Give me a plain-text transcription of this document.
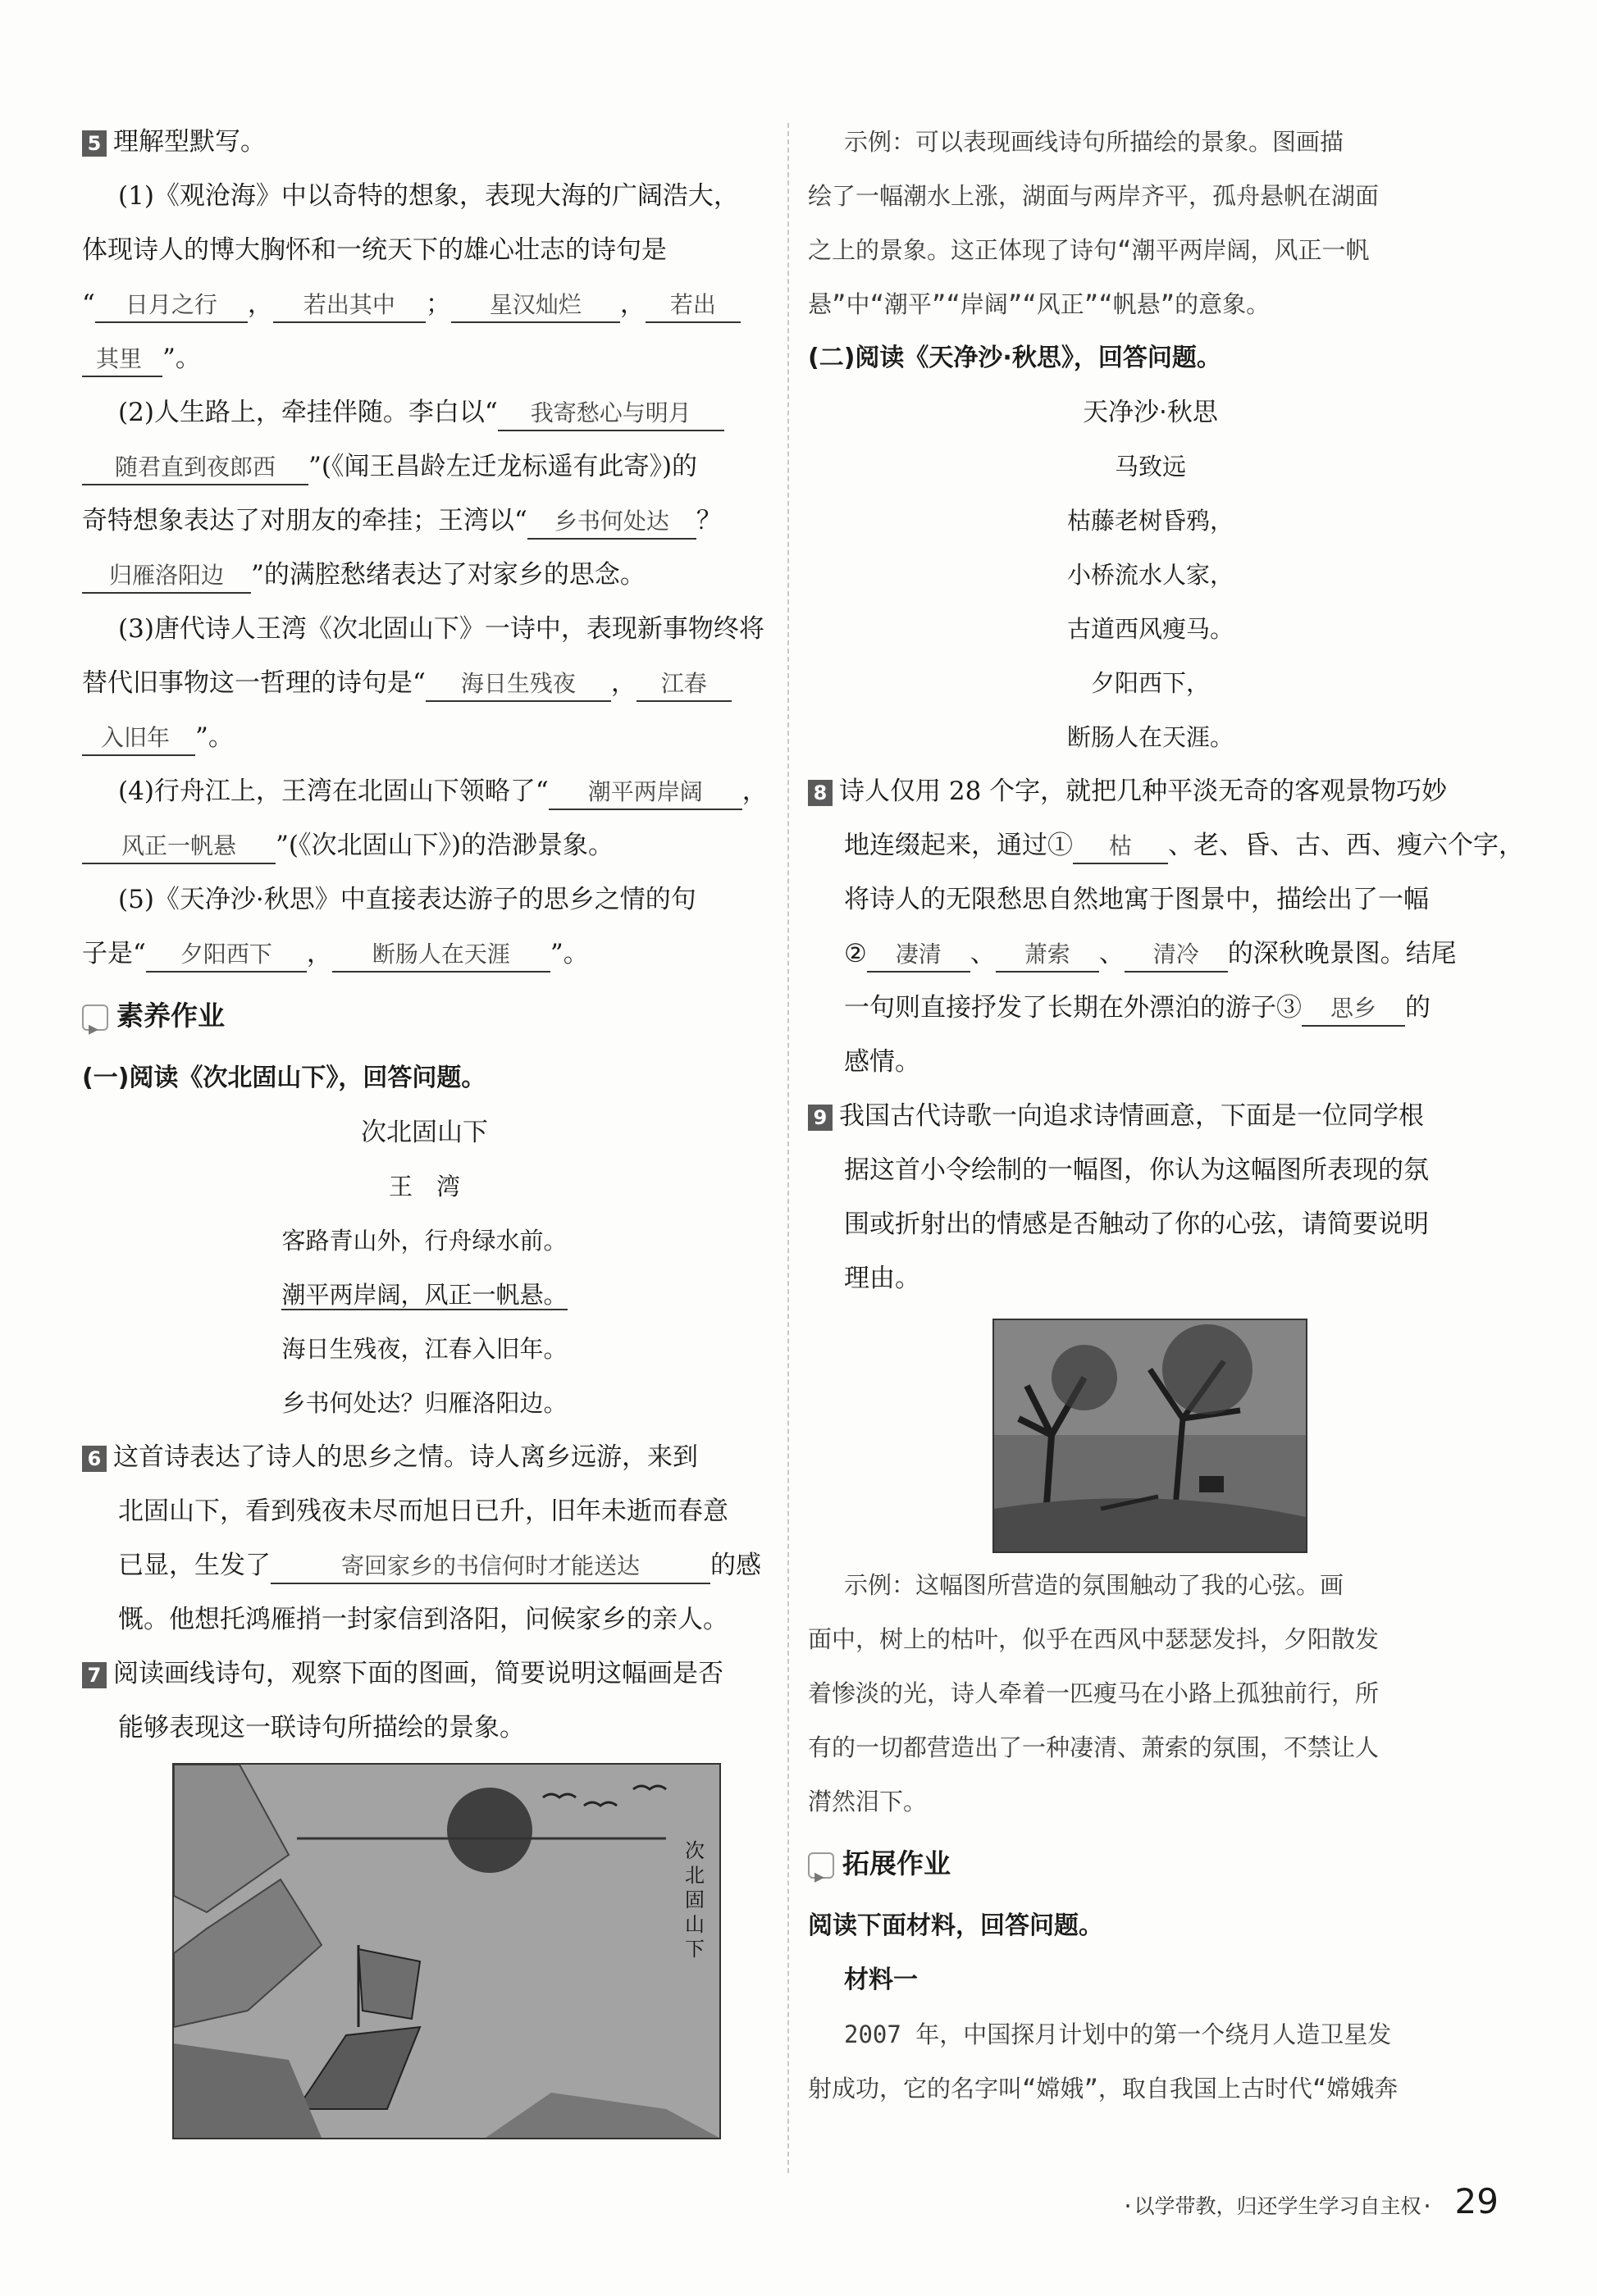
5 理解型默写。

(1)《观沧海》中以奇特的想象，表现大海的广阔浩大，

体现诗人的博大胸怀和一统天下的雄心壮志的诗句是

“ 日月之行 ， 若出其中 ； 星汉灿烂 ， 若出

其里 ”。

(2)人生路上，牵挂伴随。李白以“ 我寄愁心与明月

随君直到夜郎西 ”(《闻王昌龄左迁龙标遥有此寄》)的

奇特想象表达了对朋友的牵挂；王湾以“ 乡书何处达 ？

归雁洛阳边 ”的满腔愁绪表达了对家乡的思念。

(3)唐代诗人王湾《次北固山下》一诗中，表现新事物终将

替代旧事物这一哲理的诗句是“ 海日生残夜 ， 江春

入旧年 ”。

(4)行舟江上，王湾在北固山下领略了“ 潮平两岸阔 ，

风正一帆悬 ”(《次北固山下》)的浩渺景象。

(5)《天净沙·秋思》中直接表达游子的思乡之情的句

子是“ 夕阳西下 ， 断肠人在天涯 ”。

▸素养作业

(一)阅读《次北固山下》，回答问题。

次北固山下

王　湾

客路青山外，行舟绿水前。

潮平两岸阔，风正一帆悬。

海日生残夜，江春入旧年。

乡书何处达？归雁洛阳边。

6 这首诗表达了诗人的思乡之情。诗人离乡远游，来到

北固山下，看到残夜未尽而旭日已升，旧年未逝而春意

已显，生发了	寄回家乡的书信何时才能送达	的感

慨。他想托鸿雁捎一封家信到洛阳，问候家乡的亲人。

7 阅读画线诗句，观察下面的图画，简要说明这幅画是否

能够表现这一联诗句所描绘的景象。

次北固山下

示例：可以表现画线诗句所描绘的景象。图画描

绘了一幅潮水上涨，湖面与两岸齐平，孤舟悬帆在湖面

之上的景象。这正体现了诗句“潮平两岸阔，风正一帆

悬”中“潮平”“岸阔”“风正”“帆悬”的意象。

(二)阅读《天净沙·秋思》，回答问题。

天净沙·秋思

马致远

枯藤老树昏鸦，

小桥流水人家，

古道西风瘦马。

夕阳西下，

断肠人在天涯。

8 诗人仅用 28 个字，就把几种平淡无奇的客观景物巧妙

地连缀起来，通过① 枯 、老、昏、古、西、瘦六个字，

将诗人的无限愁思自然地寓于图景中，描绘出了一幅

② 凄清 、 萧索 、 清冷 的深秋晚景图。结尾

一句则直接抒发了长期在外漂泊的游子③ 思乡 的

感情。

9 我国古代诗歌一向追求诗情画意，下面是一位同学根

据这首小令绘制的一幅图，你认为这幅图所表现的氛

围或折射出的情感是否触动了你的心弦，请简要说明

理由。

示例：这幅图所营造的氛围触动了我的心弦。画

面中，树上的枯叶，似乎在西风中瑟瑟发抖，夕阳散发

着惨淡的光，诗人牵着一匹瘦马在小路上孤独前行，所

有的一切都营造出了一种凄清、萧索的氛围，不禁让人

潸然泪下。

▸拓展作业

阅读下面材料，回答问题。

材料一

2007 年，中国探月计划中的第一个绕月人造卫星发

射成功，它的名字叫“嫦娥”，取自我国上古时代“嫦娥奔

·以学带教，归还学生学习自主权· 29
